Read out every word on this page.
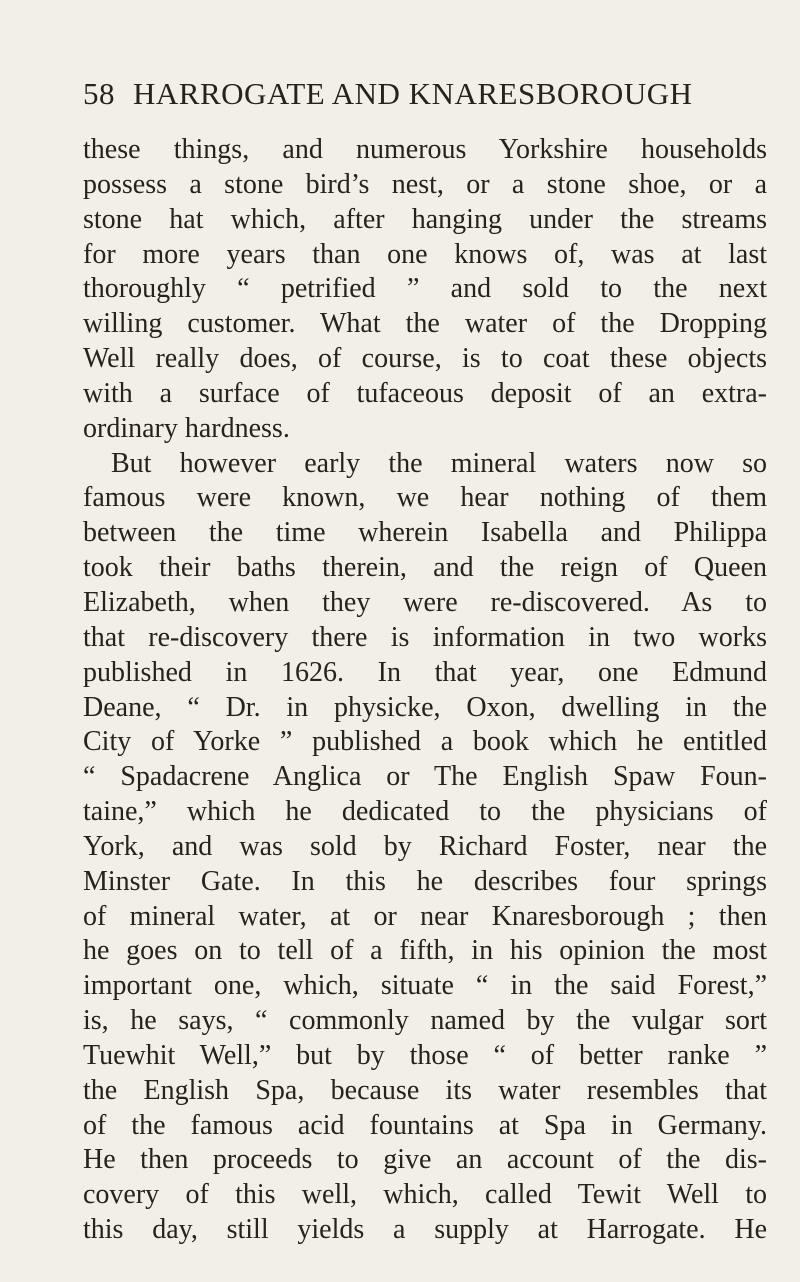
58 HARROGATE AND KNARESBOROUGH
these things, and numerous Yorkshire households
possess a stone bird’s nest, or a stone shoe, or a
stone hat which, after hanging under the streams
for more years than one knows of, was at last
thoroughly “ petrified ” and sold to the next
willing customer. What the water of the Dropping
Well really does, of course, is to coat these objects
with a surface of tufaceous deposit of an extra-
ordinary hardness.
But however early the mineral waters now so
famous were known, we hear nothing of them
between the time wherein Isabella and Philippa
took their baths therein, and the reign of Queen
Elizabeth, when they were re-discovered. As to
that re-discovery there is information in two works
published in 1626. In that year, one Edmund
Deane, “ Dr. in physicke, Oxon, dwelling in the
City of Yorke ” published a book which he entitled
“ Spadacrene Anglica or The English Spaw Foun-
taine,” which he dedicated to the physicians of
York, and was sold by Richard Foster, near the
Minster Gate. In this he describes four springs
of mineral water, at or near Knaresborough ; then
he goes on to tell of a fifth, in his opinion the most
important one, which, situate “ in the said Forest,”
is, he says, “ commonly named by the vulgar sort
Tuewhit Well,” but by those “ of better ranke ”
the English Spa, because its water resembles that
of the famous acid fountains at Spa in Germany.
He then proceeds to give an account of the dis-
covery of this well, which, called Tewit Well to
this day, still yields a supply at Harrogate. He
